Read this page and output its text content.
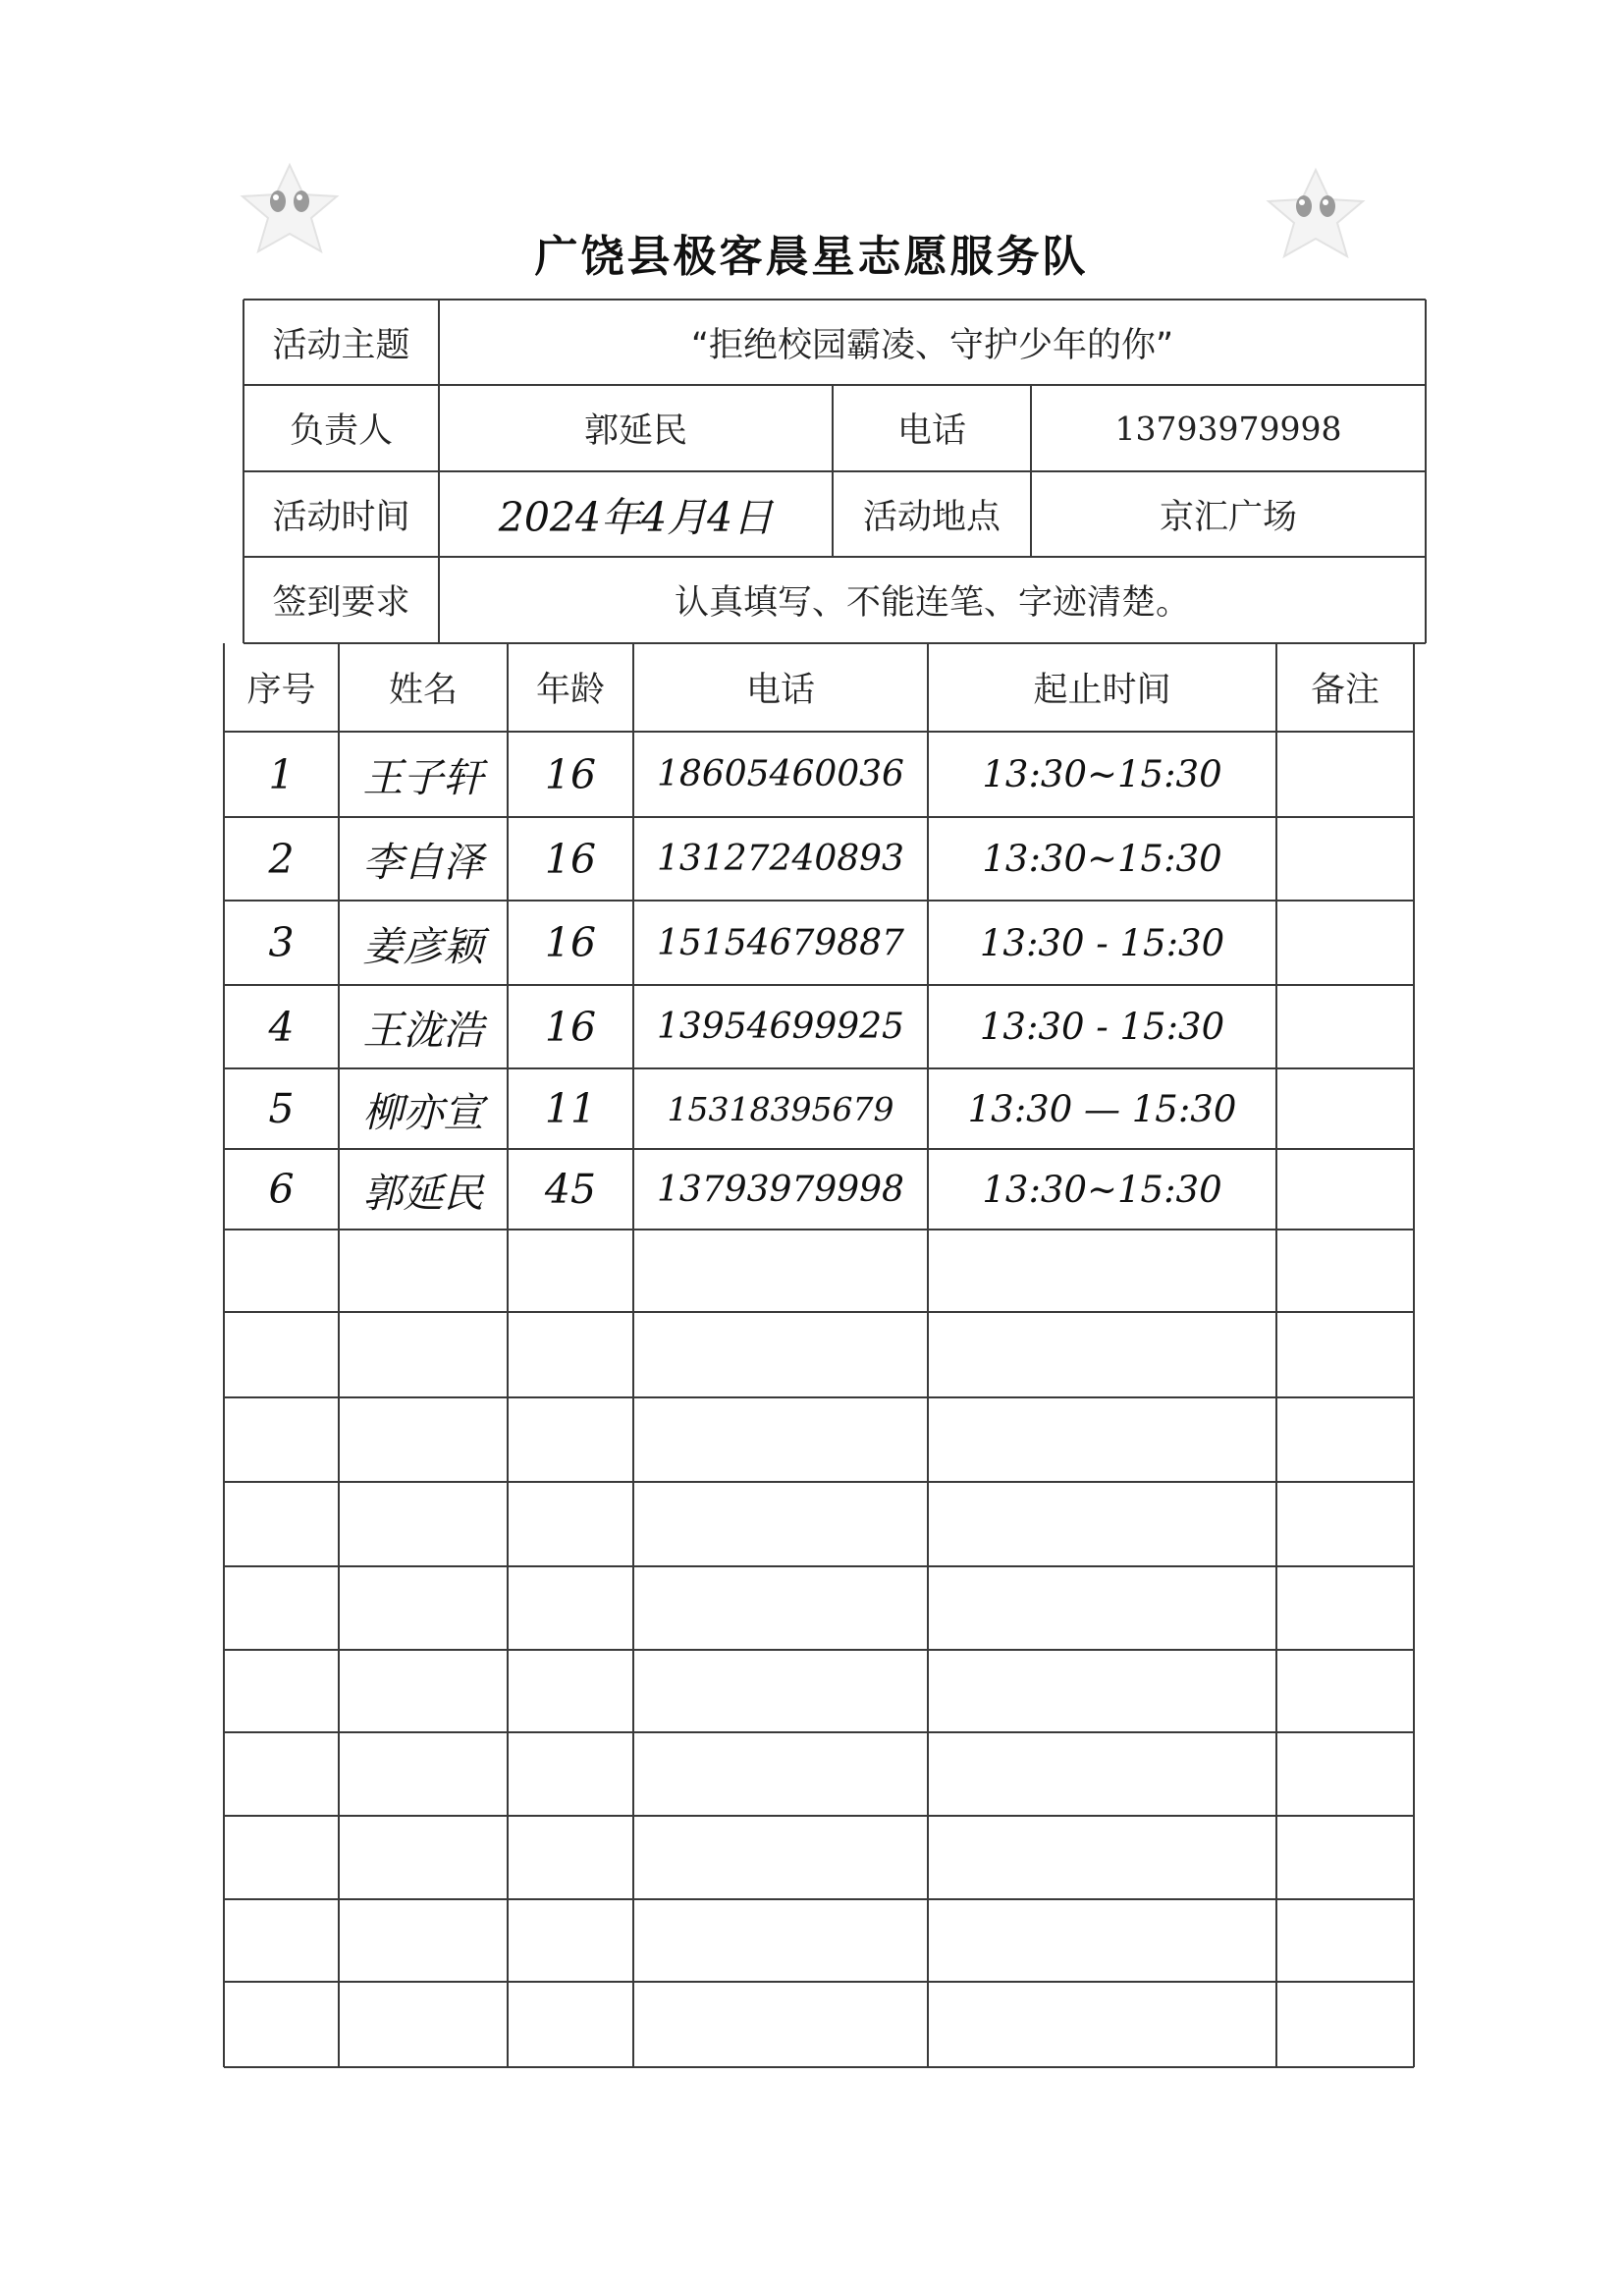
广饶县极客晨星志愿服务队
活动主题	“拒绝校园霸凌、守护少年的你”
负责人	郭延民	电话	13793979998
活动时间	2024年4月4日	活动地点	京汇广场
签到要求	认真填写、不能连笔、字迹清楚。
序号	姓名	年龄	电话	起止时间	备注
1	王子轩	16	18605460036	13:30~15:30
2	李自泽	16	13127240893	13:30~15:30
3	姜彦颖	16	15154679887	13:30 - 15:30
4	王泷浩	16	13954699925	13:30 - 15:30
5	柳亦宣	11	15318395679	13:30 — 15:30
6	郭延民	45	13793979998	13:30~15:30
